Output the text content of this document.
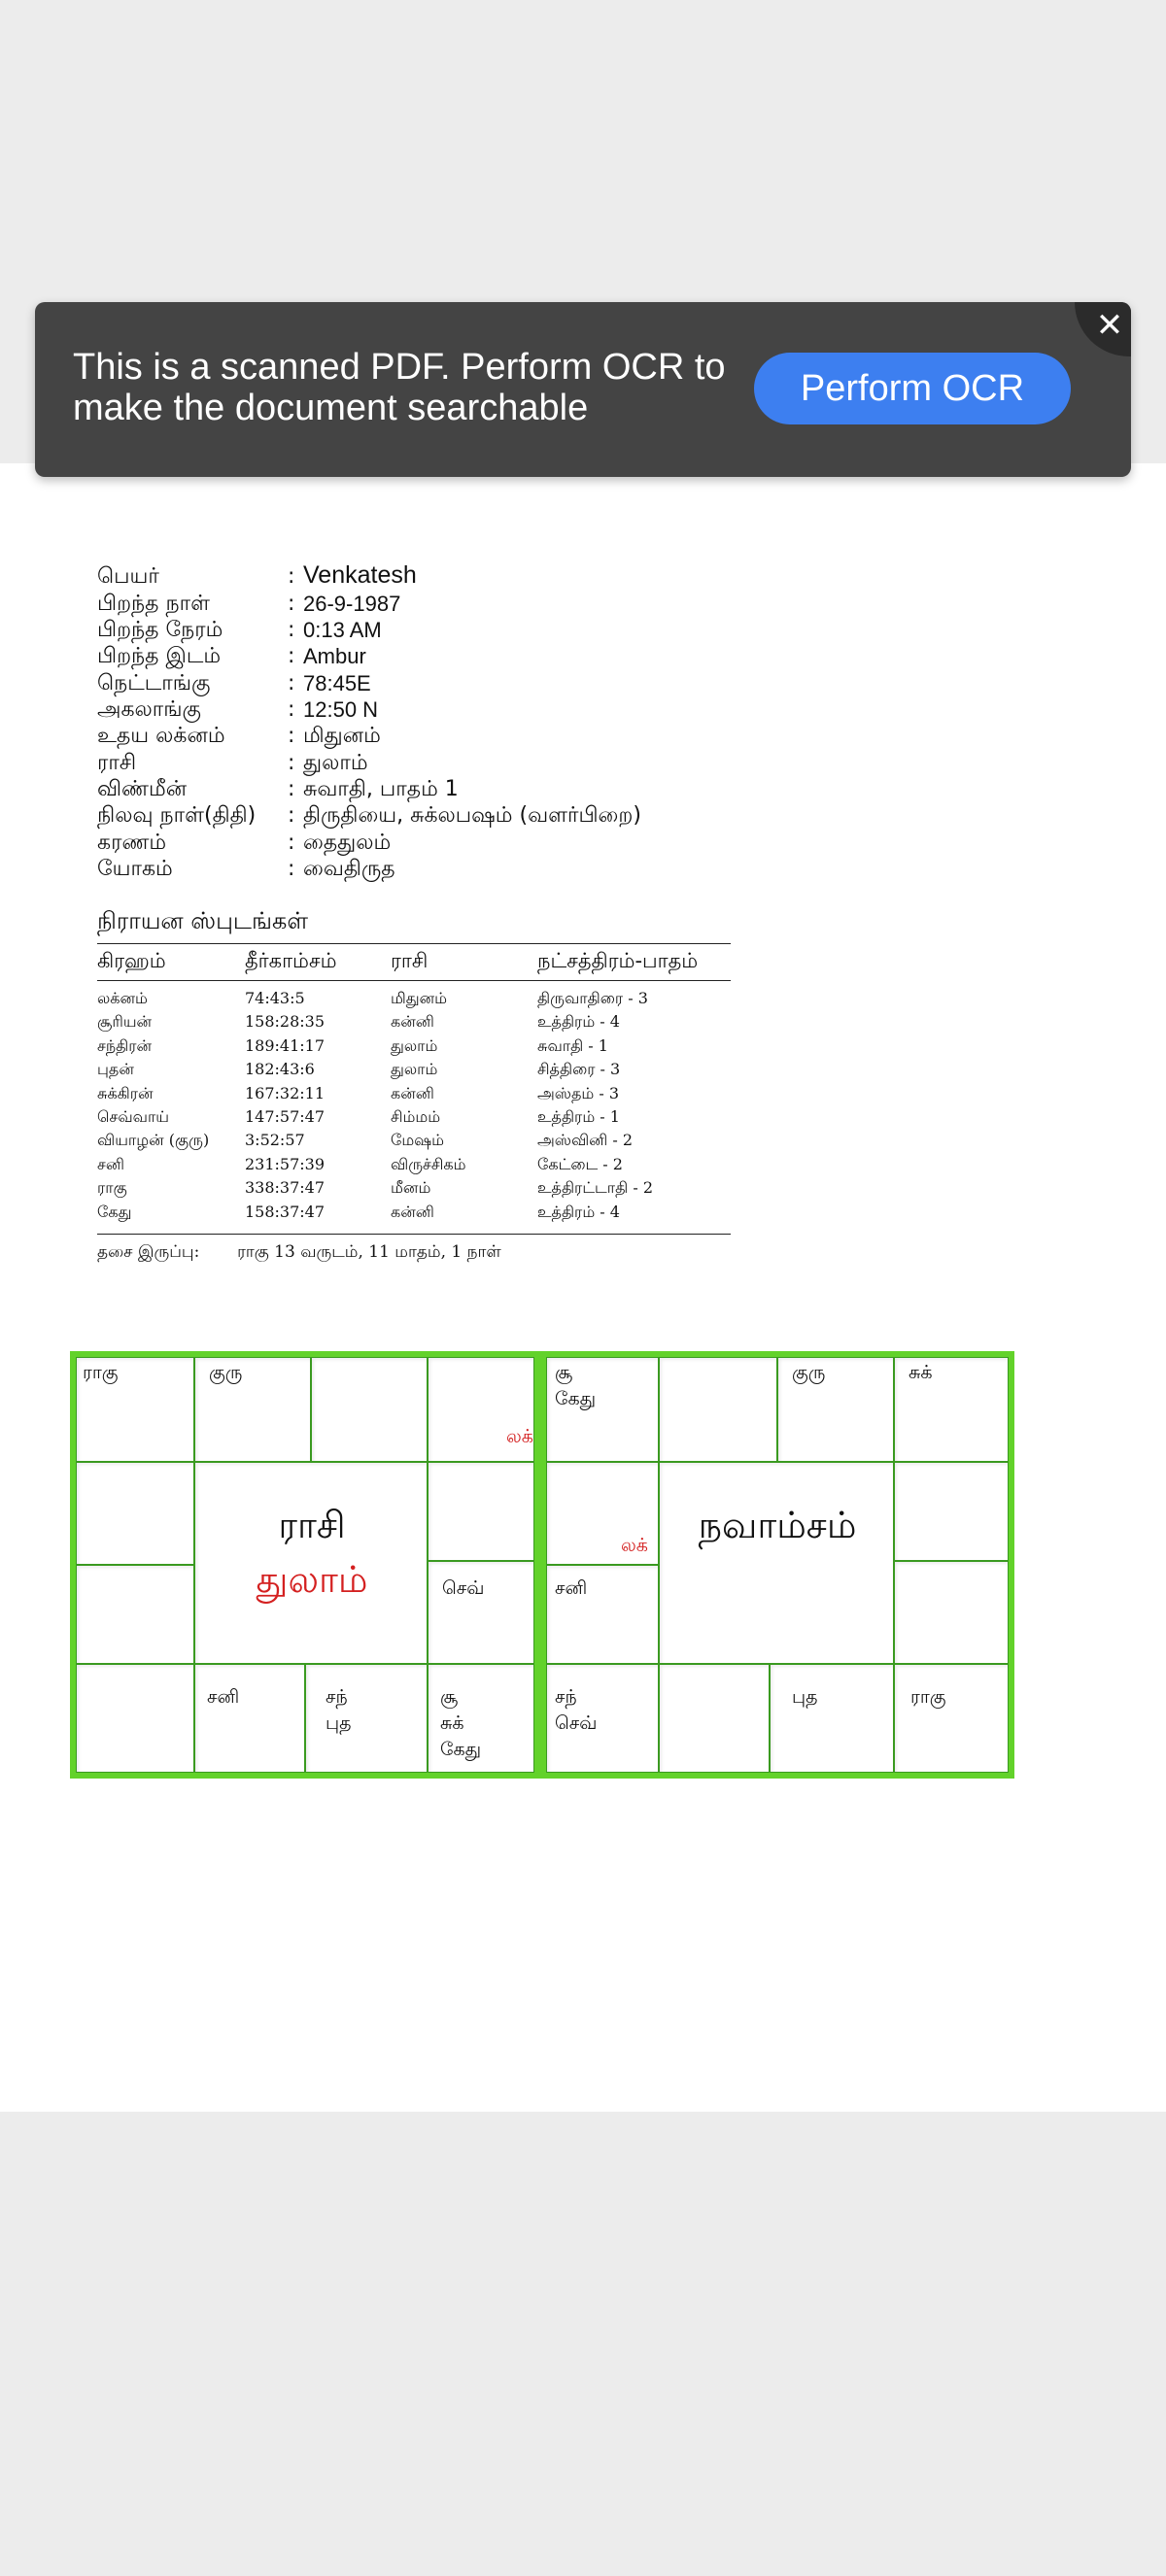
பெயர்	: Venkatesh
பிறந்த நாள்	: 26-9-1987
பிறந்த நேரம்	: 0:13 AM
பிறந்த இடம்	: Ambur
நெட்டாங்கு	: 78:45E
அகலாங்கு	: 12:50 N
உதய லக்னம்	: மிதுனம்
ராசி	: துலாம்
விண்மீன்	: சுவாதி, பாதம் 1
நிலவு நாள்(திதி) : திருதியை, சுக்லபஷம் (வளர்பிறை)
கரணம்	: தைதுலம்
யோகம்	: வைதிருத
நிராயன ஸ்புடங்கள்
கிரஹம்	தீர்காம்சம்	ராசி	நட்சத்திரம்-பாதம்
லக்னம்	74:43:5	மிதுனம்	திருவாதிரை - 3
சூரியன்	158:28:35	கன்னி	உத்திரம் - 4
சந்திரன்	189:41:17	துலாம்	சுவாதி - 1
புதன்	182:43:6	துலாம்	சித்திரை - 3
சுக்கிரன்	167:32:11	கன்னி	அஸ்தம் - 3
செவ்வாய்	147:57:47	சிம்மம்	உத்திரம் - 1
வியாழன் (குரு) 3:52:57	மேஷம்	அஸ்வினி - 2
சனி	231:57:39	விருச்சிகம்	கேட்டை - 2
ராகு	338:37:47	மீனம்	உத்திரட்டாதி - 2
கேது	158:37:47	கன்னி	உத்திரம் - 4
தசை இருப்பு: ராகு 13 வருடம், 11 மாதம், 1 நாள்
ராகு	குரு
லக்
ராசி
துலாம்	செவ்
சனி	சந்
புத
சூ
சுக்
கேது
சூ
கேது
குரு	சுக்
லக்
சனி
நவாம்சம்
சந்
செவ்
புத	ராகு
This is a scanned PDF. Perform OCR to make the document searchable	Perform OCR
✕
